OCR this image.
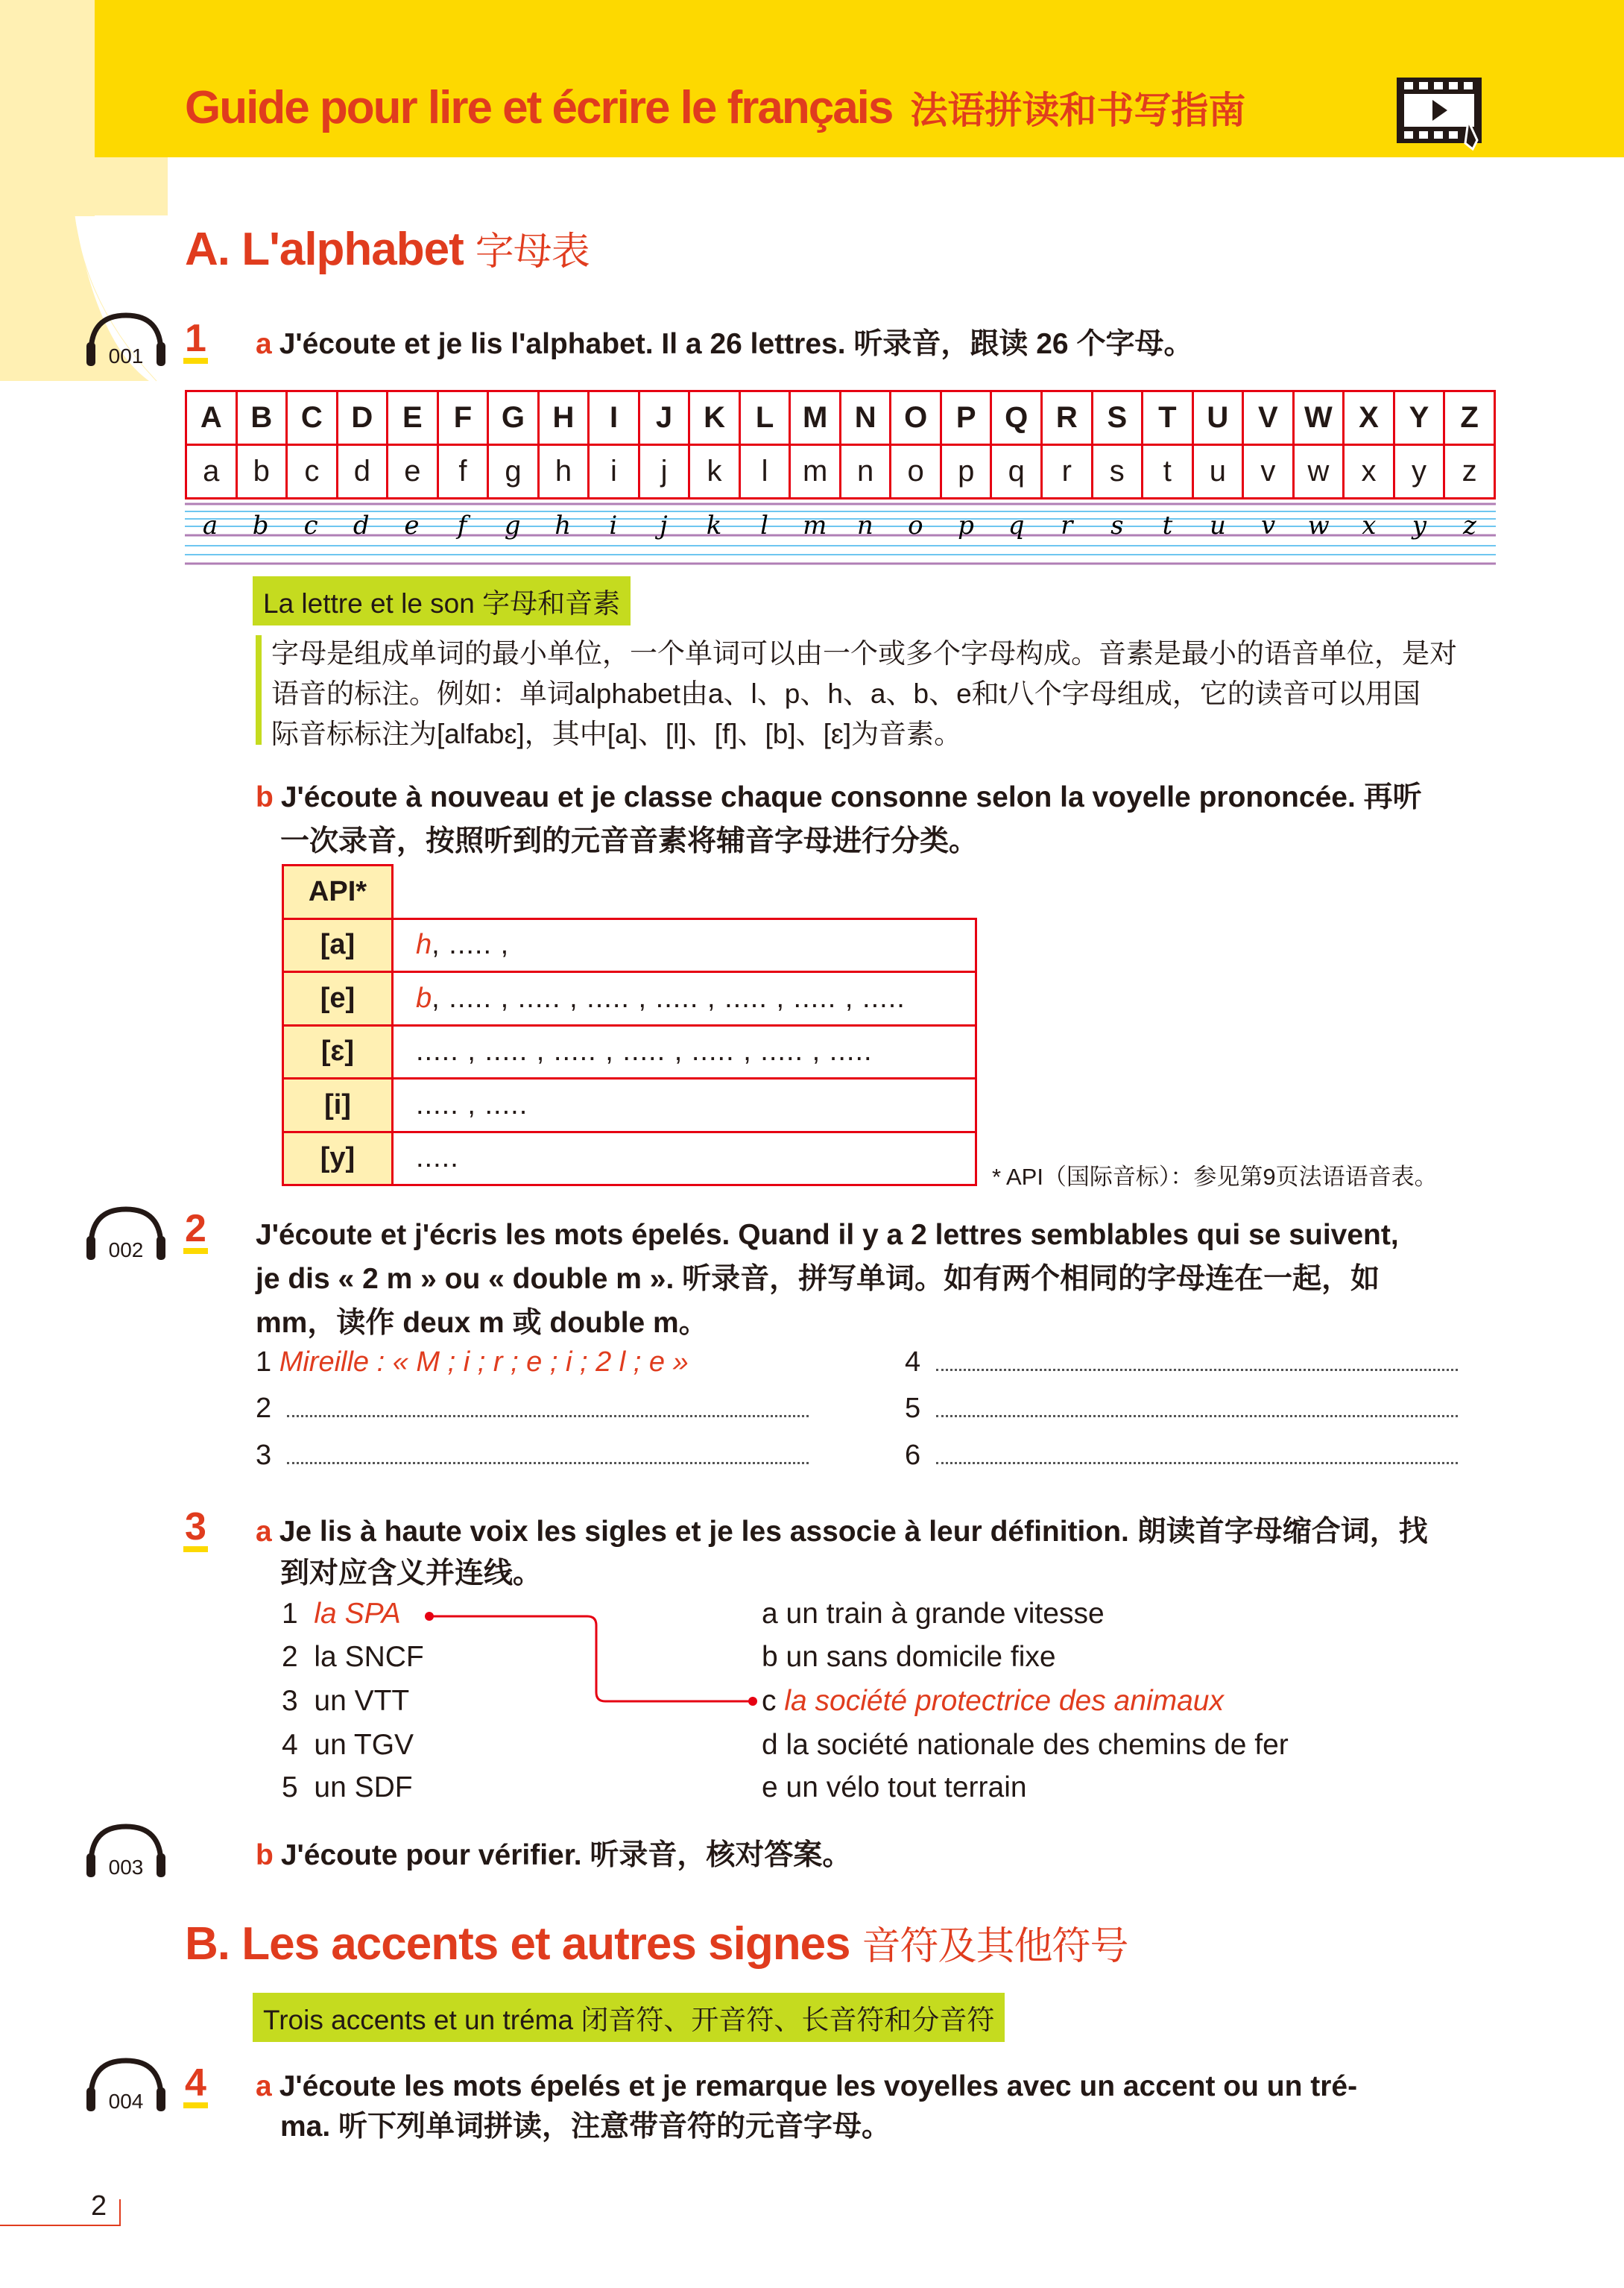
Guide pour lire et écrire le français 法语拼读和书写指南
A. L'alphabet 字母表
001
002
003
004
1 a J'écoute et je lis l'alphabet. Il a 26 lettres. 听录音，跟读 26 个字母。
A	B	C	D	E	F	G	H	I	J	K	L	M	N	O	P	Q	R	S	T	U	V	W	X	Y	Z
a	b	c	d	e	f	g	h	i	j	k	l	m	n	o	p	q	r	s	t	u	v	w	x	y	z
a b c d e f g h i j k l m n o p q r s t u v w x y z
La lettre et le son 字母和音素
字母是组成单词的最小单位，一个单词可以由一个或多个字母构成。音素是最小的语音单位，是对
语音的标注。例如：单词alphabet由a、l、p、h、a、b、e和t八个字母组成，它的读音可以用国
际音标标注为[alfabɛ]，其中[a]、[l]、[f]、[b]、[ɛ]为音素。
b J'écoute à nouveau et je classe chaque consonne selon la voyelle prononcée. 再听
一次录音，按照听到的元音音素将辅音字母进行分类。
API*	
[a]	h, ..... ,
[e]	b, ..... , ..... , ..... , ..... , ..... , ..... , .....
[ɛ]	..... , ..... , ..... , ..... , ..... , ..... , .....
[i]	..... , .....
[y]	.....
* API（国际音标）：参见第9页法语语音表。
2 J'écoute et j'écris les mots épelés. Quand il y a 2 lettres semblables qui se suivent,
je dis « 2 m » ou « double m ». 听录音，拼写单词。如有两个相同的字母连在一起，如
mm，读作 deux m 或 double m。
1 Mireille : « M ; i ; r ; e ; i ; 2 l ; e »
2
3
4
5
6
3 a Je lis à haute voix les sigles et je les associe à leur définition. 朗读首字母缩合词，找
到对应含义并连线。
1 la SPA
2 la SNCF
3 un VTT
4 un TGV
5 un SDF
a un train à grande vitesse
b un sans domicile fixe
c la société protectrice des animaux
d la société nationale des chemins de fer
e un vélo tout terrain
b J'écoute pour vérifier. 听录音，核对答案。
B. Les accents et autres signes 音符及其他符号
Trois accents et un tréma 闭音符、开音符、长音符和分音符
4 a J'écoute les mots épelés et je remarque les voyelles avec un accent ou un tré-
ma. 听下列单词拼读，注意带音符的元音字母。
2
